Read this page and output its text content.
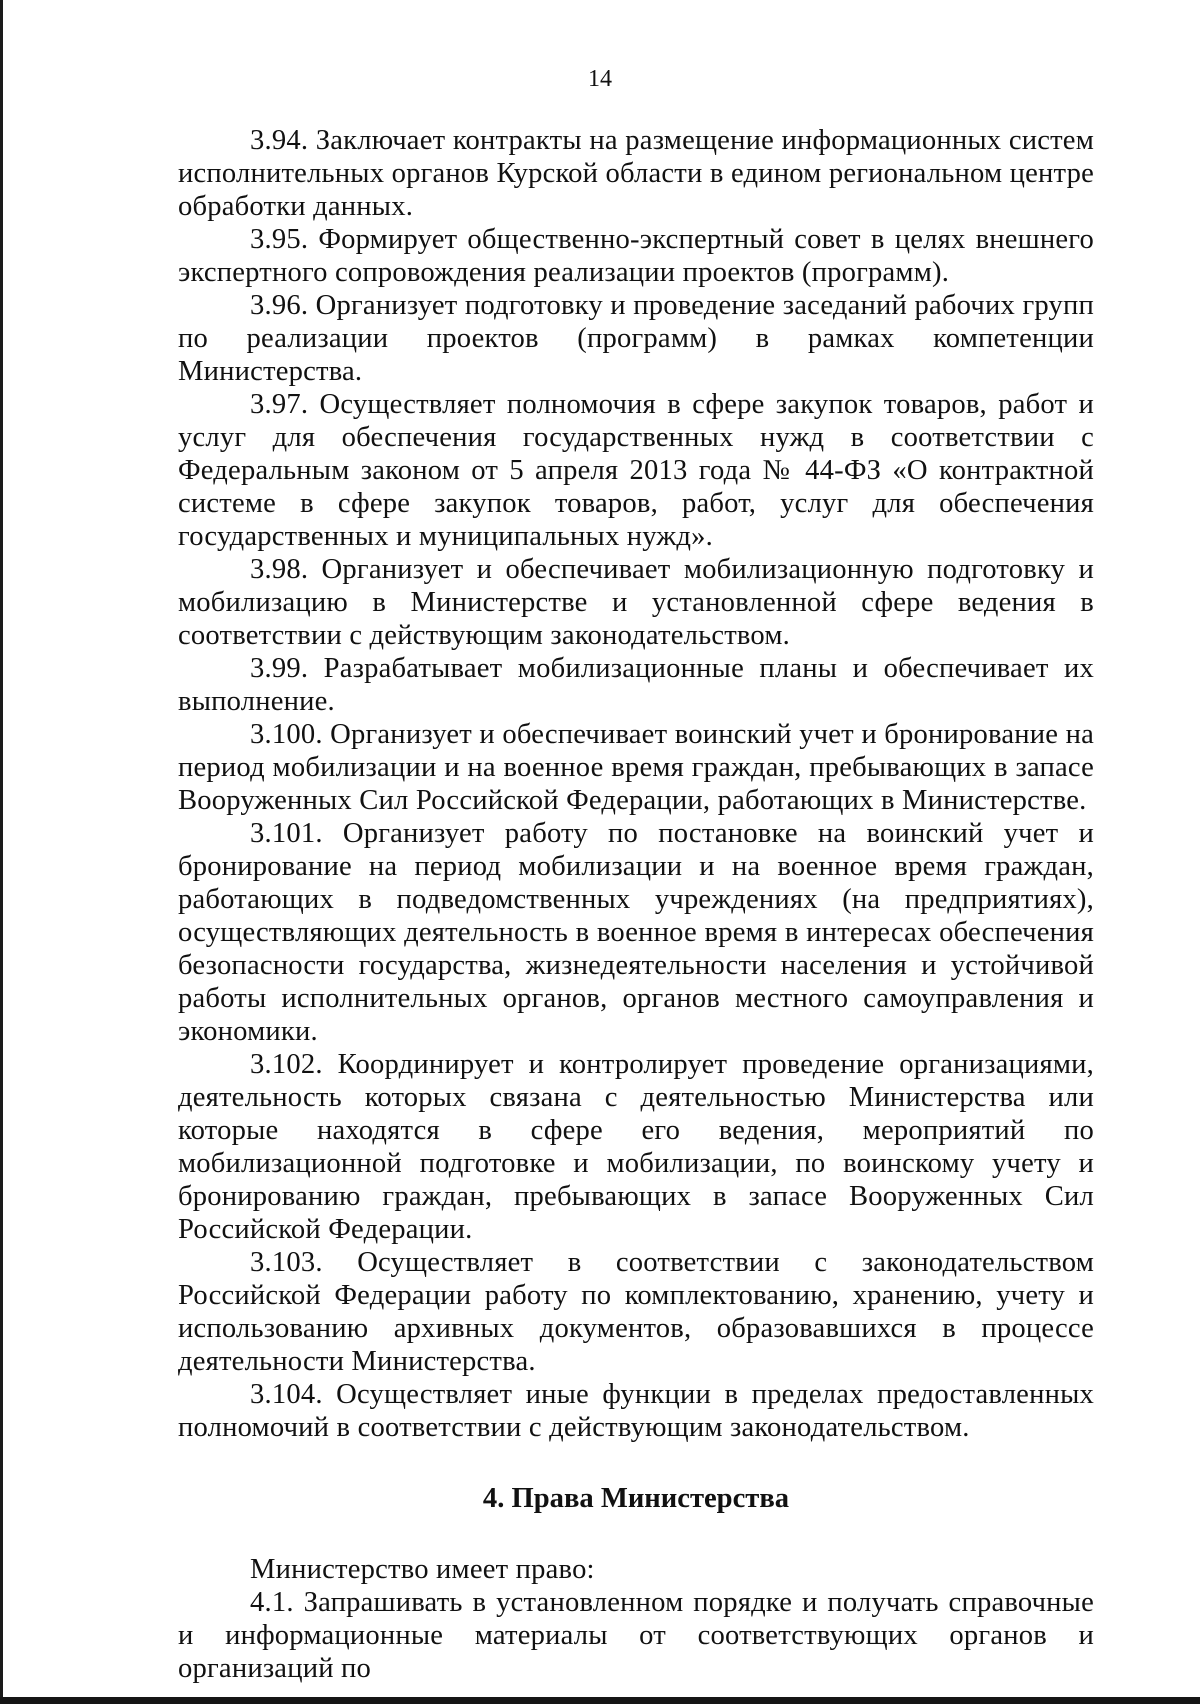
14

3.94. Заключает контракты на размещение информационных систем исполнительных органов Курской области в едином региональном центре обработки данных.

3.95. Формирует общественно-экспертный совет в целях внешнего экспертного сопровождения реализации проектов (программ).

3.96. Организует подготовку и проведение заседаний рабочих групп по реализации проектов (программ) в рамках компетенции Министерства.

3.97. Осуществляет полномочия в сфере закупок товаров, работ и услуг для обеспечения государственных нужд в соответствии с Федеральным законом от 5 апреля 2013 года № 44-ФЗ «О контрактной системе в сфере закупок товаров, работ, услуг для обеспечения государственных и муниципальных нужд».

3.98. Организует и обеспечивает мобилизационную подготовку и мобилизацию в Министерстве и установленной сфере ведения в соответствии с действующим законодательством.

3.99. Разрабатывает мобилизационные планы и обеспечивает их выполнение.

3.100. Организует и обеспечивает воинский учет и бронирование на период мобилизации и на военное время граждан, пребывающих в запасе Вооруженных Сил Российской Федерации, работающих в Министерстве.

3.101. Организует работу по постановке на воинский учет и бронирование на период мобилизации и на военное время граждан, работающих в подведомственных учреждениях (на предприятиях), осуществляющих деятельность в военное время в интересах обеспечения безопасности государства, жизнедеятельности населения и устойчивой работы исполнительных органов, органов местного самоуправления и экономики.

3.102. Координирует и контролирует проведение организациями, деятельность которых связана с деятельностью Министерства или которые находятся в сфере его ведения, мероприятий по мобилизационной подготовке и мобилизации, по воинскому учету и бронированию граждан, пребывающих в запасе Вооруженных Сил Российской Федерации.

3.103. Осуществляет в соответствии с законодательством Российской Федерации работу по комплектованию, хранению, учету и использованию архивных документов, образовавшихся в процессе деятельности Министерства.

3.104. Осуществляет иные функции в пределах предоставленных полномочий в соответствии с действующим законодательством.

4. Права Министерства

Министерство имеет право:

4.1. Запрашивать в установленном порядке и получать справочные и информационные материалы от соответствующих органов и организаций по
